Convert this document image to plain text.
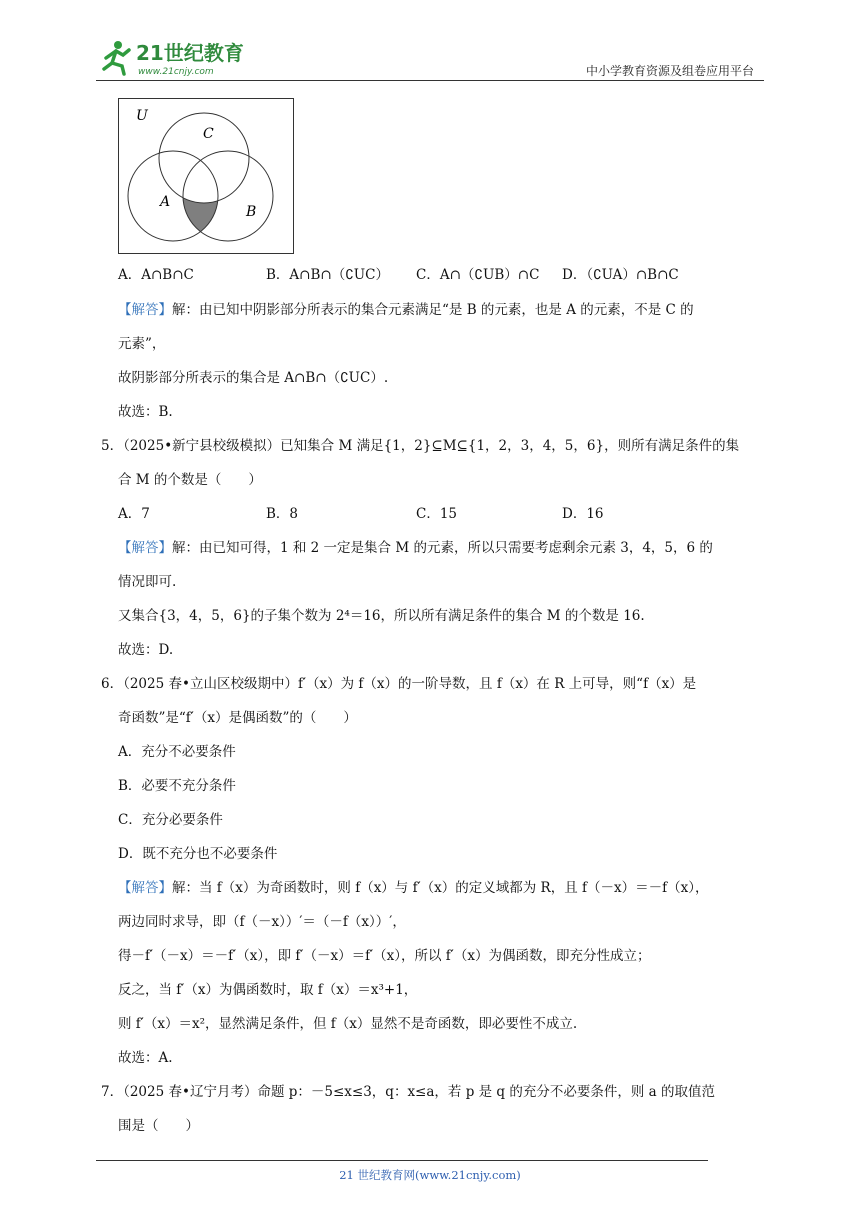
21世纪教育
www.21cnjy.com	中小学教育资源及组卷应用平台
U
C
A
B
A．A∩B∩C	B．A∩B∩（∁UC） C．A∩（∁UB）∩C D．（∁UA）∩B∩C
【解答】解：由已知中阴影部分所表示的集合元素满足“是 B 的元素，也是 A 的元素，不是 C 的
元素”，
故阴影部分所表示的集合是 A∩B∩（∁UC）.
故选：B.
5．（2025•新宁县校级模拟）已知集合 M 满足{1，2}⊆M⊆{1，2，3，4，5，6}，则所有满足条件的集
合 M 的个数是（　　）
A．7	B．8	C．15	D．16
【解答】解：由已知可得，1 和 2 一定是集合 M 的元素，所以只需要考虑剩余元素 3，4，5，6 的
情况即可.
又集合{3，4，5，6}的子集个数为 2⁴＝16，所以所有满足条件的集合 M 的个数是 16.
故选：D.
6．（2025 春•立山区校级期中）f′（x）为 f（x）的一阶导数，且 f（x）在 R 上可导，则“f（x）是
奇函数”是“f′（x）是偶函数”的（　　）
A．充分不必要条件
B．必要不充分条件
C．充分必要条件
D．既不充分也不必要条件
【解答】解：当 f（x）为奇函数时，则 f（x）与 f′（x）的定义域都为 R，且 f（－x）＝－f（x），
两边同时求导，即（f（－x））′＝（－f（x））′，
得－f′（－x）＝－f′（x），即 f′（－x）＝f′（x），所以 f′（x）为偶函数，即充分性成立；
反之，当 f′（x）为偶函数时，取 f（x）＝x³+1，
则 f′（x）＝x²，显然满足条件，但 f（x）显然不是奇函数，即必要性不成立.
故选：A.
7．（2025 春•辽宁月考）命题 p：－5≤x≤3，q：x≤a，若 p 是 q 的充分不必要条件，则 a 的取值范
围是（　　）
21 世纪教育网(www.21cnjy.com)
